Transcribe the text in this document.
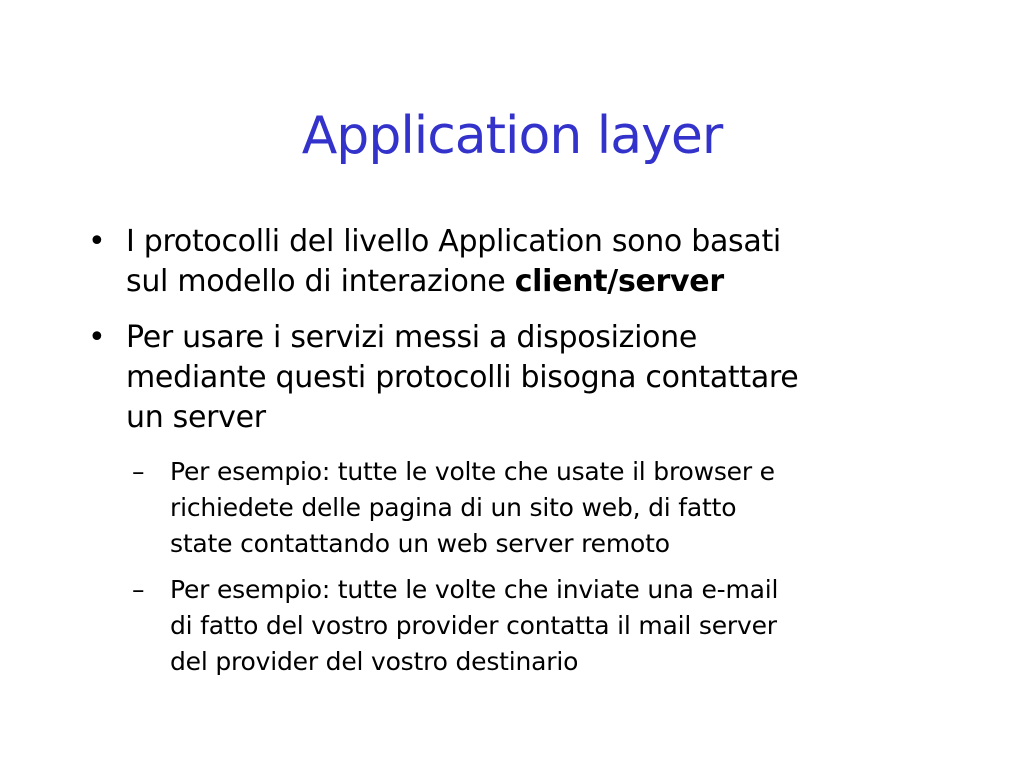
Application layer
• I protocolli del livello Application sono basati
sul modello di interazione client/server
• Per usare i servizi messi a disposizione
mediante questi protocolli bisogna contattare
un server
– Per esempio: tutte le volte che usate il browser e
richiedete delle pagina di un sito web, di fatto
state contattando un web server remoto
– Per esempio: tutte le volte che inviate una e-mail
di fatto del vostro provider contatta il mail server
del provider del vostro destinario
